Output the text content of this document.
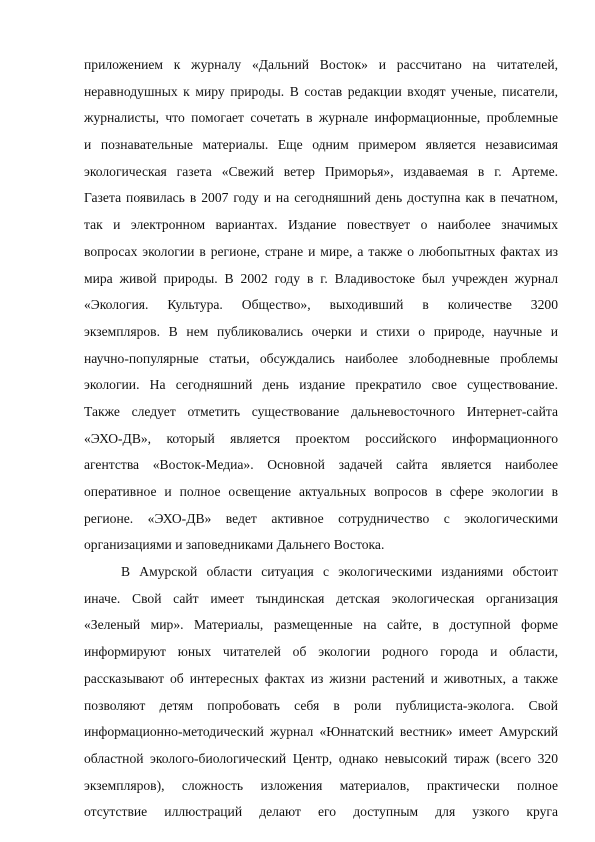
приложением к журналу «Дальний Восток» и рассчитано на читателей,
неравнодушных к миру природы. В состав редакции входят ученые, писатели,
журналисты, что помогает сочетать в журнале информационные, проблемные
и познавательные материалы. Еще одним примером является независимая
экологическая газета «Свежий ветер Приморья», издаваемая в г. Артеме.
Газета появилась в 2007 году и на сегодняшний день доступна как в печатном,
так и электронном вариантах. Издание повествует о наиболее значимых
вопросах экологии в регионе, стране и мире, а также о любопытных фактах из
мира живой природы. В 2002 году в г. Владивостоке был учрежден журнал
«Экология. Культура. Общество», выходивший в количестве 3200
экземпляров. В нем публиковались очерки и стихи о природе, научные и
научно-популярные статьи, обсуждались наиболее злободневные проблемы
экологии. На сегодняшний день издание прекратило свое существование.
Также следует отметить существование дальневосточного Интернет-сайта
«ЭХО-ДВ», который является проектом российского информационного
агентства «Восток-Медиа». Основной задачей сайта является наиболее
оперативное и полное освещение актуальных вопросов в сфере экологии в
регионе. «ЭХО-ДВ» ведет активное сотрудничество с экологическими
организациями и заповедниками Дальнего Востока.
В Амурской области ситуация с экологическими изданиями обстоит
иначе. Свой сайт имеет тындинская детская экологическая организация
«Зеленый мир». Материалы, размещенные на сайте, в доступной форме
информируют юных читателей об экологии родного города и области,
рассказывают об интересных фактах из жизни растений и животных, а также
позволяют детям попробовать себя в роли публициста-эколога. Свой
информационно-методический журнал «Юннатский вестник» имеет Амурский
областной эколого-биологический Центр, однако невысокий тираж (всего 320
экземпляров), сложность изложения материалов, практически полное
отсутствие иллюстраций делают его доступным для узкого круга
